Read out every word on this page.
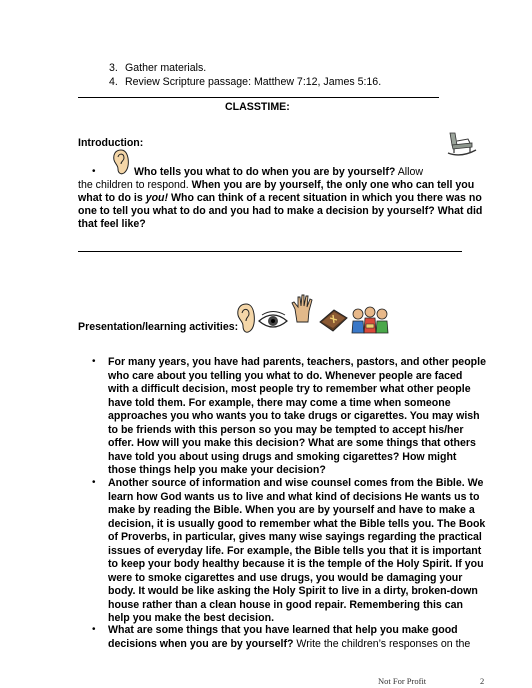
3. Gather materials.
4. Review Scripture passage: Matthew 7:12, James 5:16.
CLASSTIME:
Introduction:
•	Who tells you what to do when you are by yourself? Allow
the children to respond. When you are by yourself, the only one who can tell you
what to do is you! Who can think of a recent situation in which you there was no
one to tell you what to do and you had to make a decision by yourself? What did
that feel like?
Presentation/learning activities:
• For many years, you have had parents, teachers, pastors, and other people
who care about you telling you what to do. Whenever people are faced
with a difficult decision, most people try to remember what other people
have told them. For example, there may come a time when someone
approaches you who wants you to take drugs or cigarettes. You may wish
to be friends with this person so you may be tempted to accept his/her
offer. How will you make this decision? What are some things that others
have told you about using drugs and smoking cigarettes? How might
those things help you make your decision?
• Another source of information and wise counsel comes from the Bible. We
learn how God wants us to live and what kind of decisions He wants us to
make by reading the Bible. When you are by yourself and have to make a
decision, it is usually good to remember what the Bible tells you. The Book
of Proverbs, in particular, gives many wise sayings regarding the practical
issues of everyday life. For example, the Bible tells you that it is important
to keep your body healthy because it is the temple of the Holy Spirit. If you
were to smoke cigarettes and use drugs, you would be damaging your
body. It would be like asking the Holy Spirit to live in a dirty, broken-down
house rather than a clean house in good repair. Remembering this can
help you make the best decision.
• What are some things that you have learned that help you make good
decisions when you are by yourself? Write the children’s responses on the
Not For Profit	2
